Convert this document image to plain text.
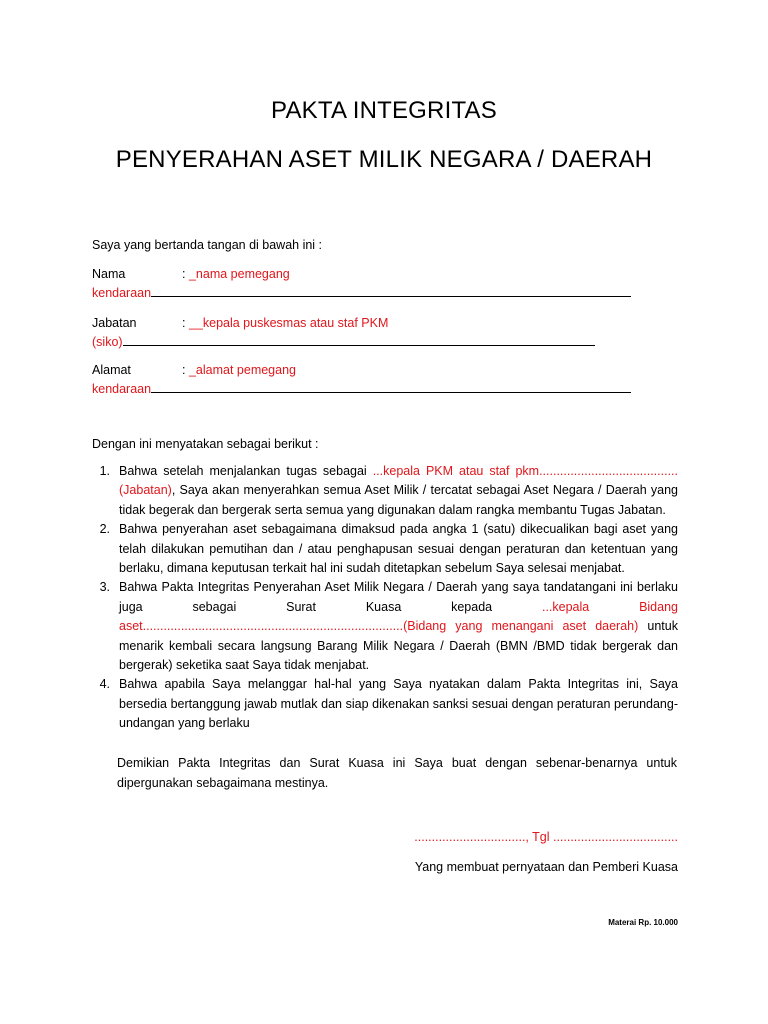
PAKTA INTEGRITAS
PENYERAHAN ASET MILIK NEGARA / DAERAH
Saya yang bertanda tangan di bawah ini :
Nama	: _nama pemegang
kendaraan
Jabatan	: __kepala puskesmas atau staf PKM
(siko)
Alamat	: _alamat pemegang
kendaraan
Dengan ini menyatakan sebagai berikut :
1. Bahwa setelah menjalankan tugas sebagai ...kepala PKM atau staf pkm........................................ (Jabatan), Saya akan menyerahkan semua Aset Milik / tercatat sebagai Aset Negara / Daerah yang tidak begerak dan bergerak serta semua yang digunakan dalam rangka membantu Tugas Jabatan.
2. Bahwa penyerahan aset sebagaimana dimaksud pada angka 1 (satu) dikecualikan bagi aset yang telah dilakukan pemutihan dan / atau penghapusan sesuai dengan peraturan dan ketentuan yang berlaku, dimana keputusan terkait hal ini sudah ditetapkan sebelum Saya selesai menjabat.
3. Bahwa Pakta Integritas Penyerahan Aset Milik Negara / Daerah yang saya tandatangani ini berlaku juga sebagai Surat Kuasa kepada ...kepala Bidang aset...........................................................................(Bidang yang menangani aset daerah) untuk menarik kembali secara langsung Barang Milik Negara / Daerah (BMN /BMD tidak bergerak dan bergerak) seketika saat Saya tidak menjabat.
4. Bahwa apabila Saya melanggar hal-hal yang Saya nyatakan dalam Pakta Integritas ini, Saya bersedia bertanggung jawab mutlak dan siap dikenakan sanksi sesuai dengan peraturan perundang-undangan yang berlaku
Demikian Pakta Integritas dan Surat Kuasa ini Saya buat dengan sebenar-benarnya untuk dipergunakan sebagaimana mestinya.
................................, Tgl ....................................
Yang membuat pernyataan dan Pemberi Kuasa
Materai Rp. 10.000
